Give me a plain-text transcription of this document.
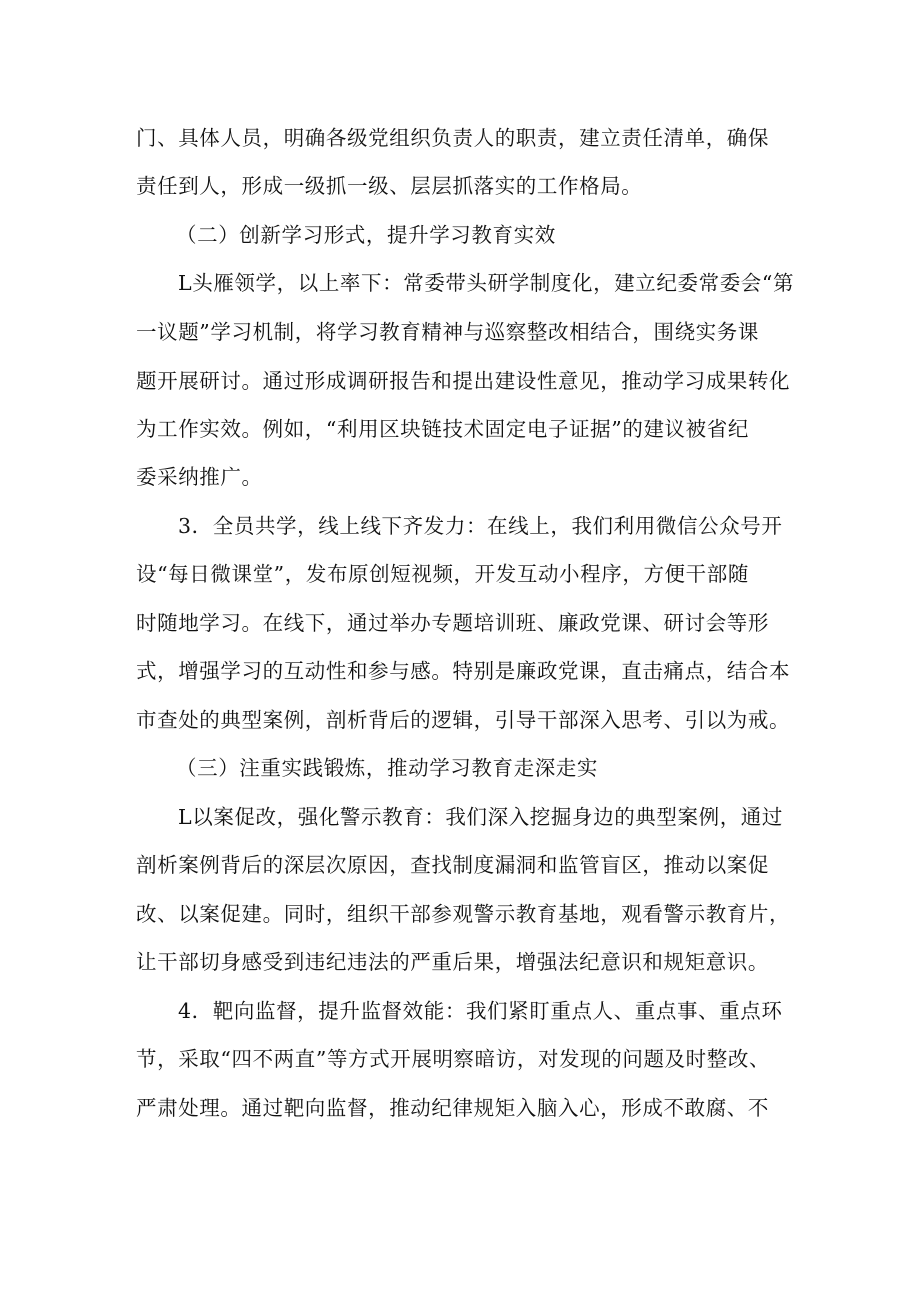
门、具体人员，明确各级党组织负责人的职责，建立责任清单，确保
责任到人，形成一级抓一级、层层抓落实的工作格局。
（二）创新学习形式，提升学习教育实效
L头雁领学，以上率下：常委带头研学制度化，建立纪委常委会“第
一议题”学习机制，将学习教育精神与巡察整改相结合，围绕实务课
题开展研讨。通过形成调研报告和提出建设性意见，推动学习成果转化
为工作实效。例如，“利用区块链技术固定电子证据”的建议被省纪
委采纳推广。
3．全员共学，线上线下齐发力：在线上，我们利用微信公众号开
设“每日微课堂”，发布原创短视频，开发互动小程序，方便干部随
时随地学习。在线下，通过举办专题培训班、廉政党课、研讨会等形
式，增强学习的互动性和参与感。特别是廉政党课，直击痛点，结合本
市查处的典型案例，剖析背后的逻辑，引导干部深入思考、引以为戒。
（三）注重实践锻炼，推动学习教育走深走实
L以案促改，强化警示教育：我们深入挖掘身边的典型案例，通过
剖析案例背后的深层次原因，查找制度漏洞和监管盲区，推动以案促
改、以案促建。同时，组织干部参观警示教育基地，观看警示教育片，
让干部切身感受到违纪违法的严重后果，增强法纪意识和规矩意识。
4．靶向监督，提升监督效能：我们紧盯重点人、重点事、重点环
节，采取“四不两直”等方式开展明察暗访，对发现的问题及时整改、
严肃处理。通过靶向监督，推动纪律规矩入脑入心，形成不敢腐、不
